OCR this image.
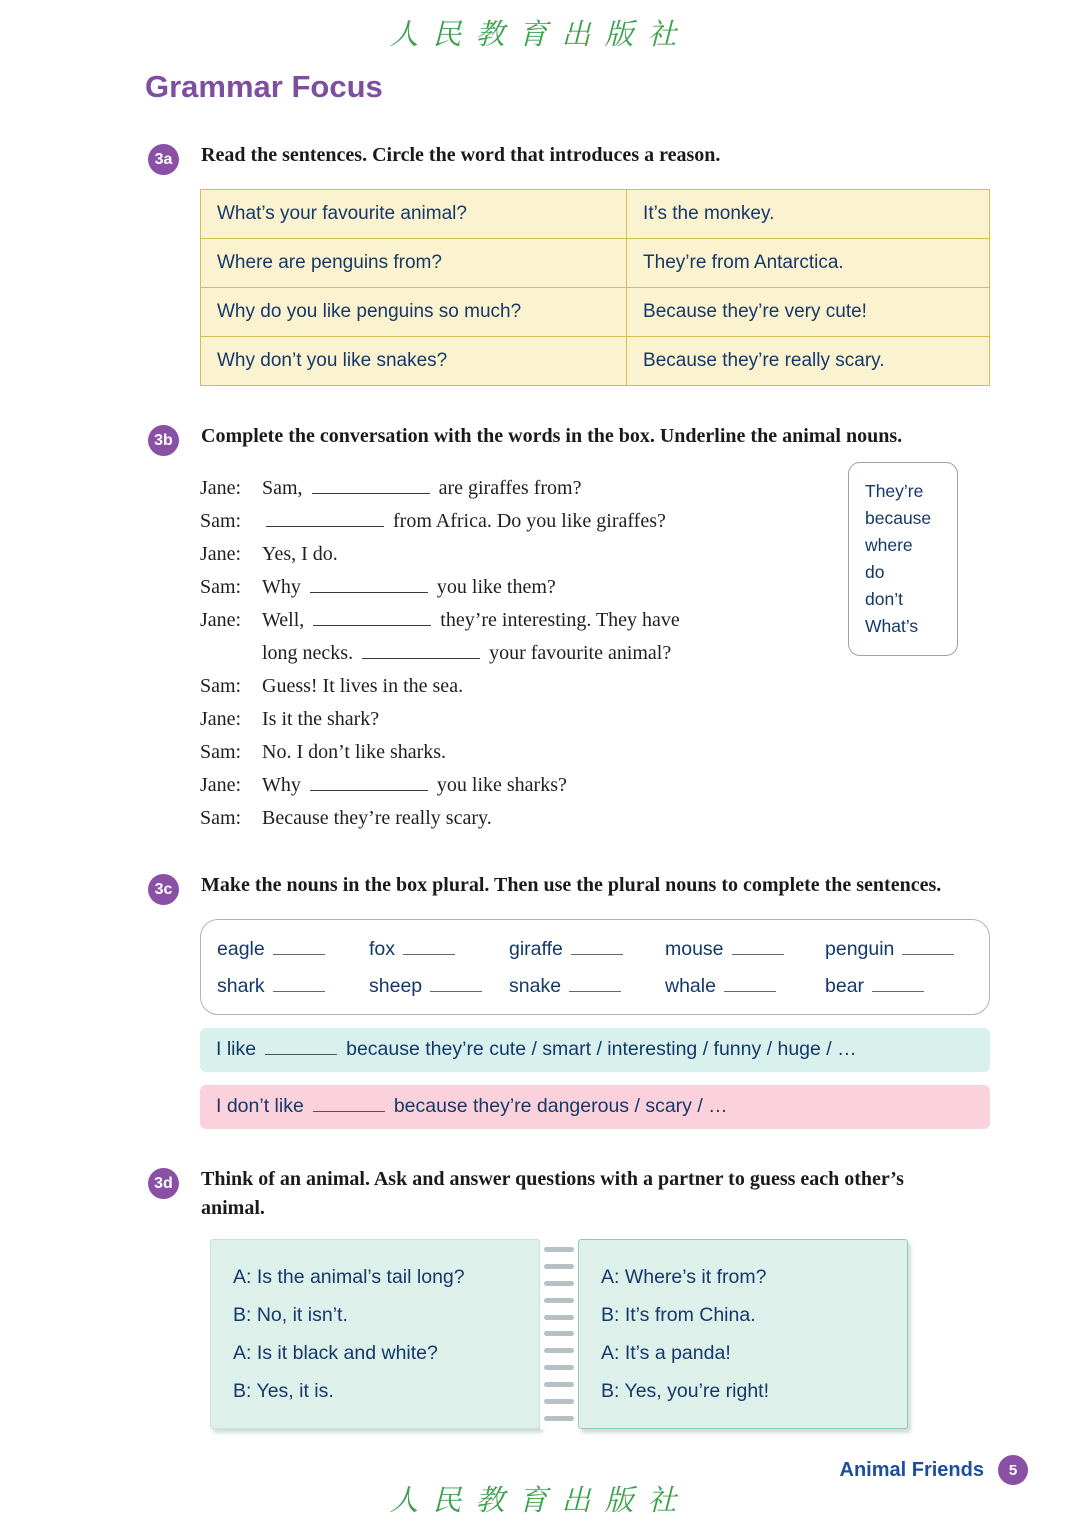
人民教育出版社
Grammar Focus
3a	Read the sentences. Circle the word that introduces a reason.
What’s your favourite animal?	It’s the monkey.
Where are penguins from?	They’re from Antarctica.
Why do you like penguins so much?	Because they’re very cute!
Why don’t you like snakes?	Because they’re really scary.
3b	Complete the conversation with the words in the box. Underline the animal nouns.
Jane:	Sam,	are giraffes from?
Sam:	from Africa. Do you like giraffes?
Jane:	Yes, I do.
Sam:	Why	you like them?
Jane:	Well,	they’re interesting. They have
long necks.	your favourite animal?
Sam:	Guess! It lives in the sea.
Jane:	Is it the shark?
Sam:	No. I don’t like sharks.
Jane:	Why	you like sharks?
Sam:	Because they’re really scary.
They’re
because
where
do
don’t
What’s
3c	Make the nouns in the box plural. Then use the plural nouns to complete the sentences.
eagle	fox	giraffe	mouse	penguin
shark	sheep	snake	whale	bear
I like	because they’re cute / smart / interesting / funny / huge / …
I don’t like	because they’re dangerous / scary / …
3d	Think of an animal. Ask and answer questions with a partner to guess each other’s animal.
A: Is the animal’s tail long?
B: No, it isn’t.
A: Is it black and white?
B: Yes, it is.
A: Where’s it from?
B: It’s from China.
A: It’s a panda!
B: Yes, you’re right!
Animal Friends	5
人民教育出版社
